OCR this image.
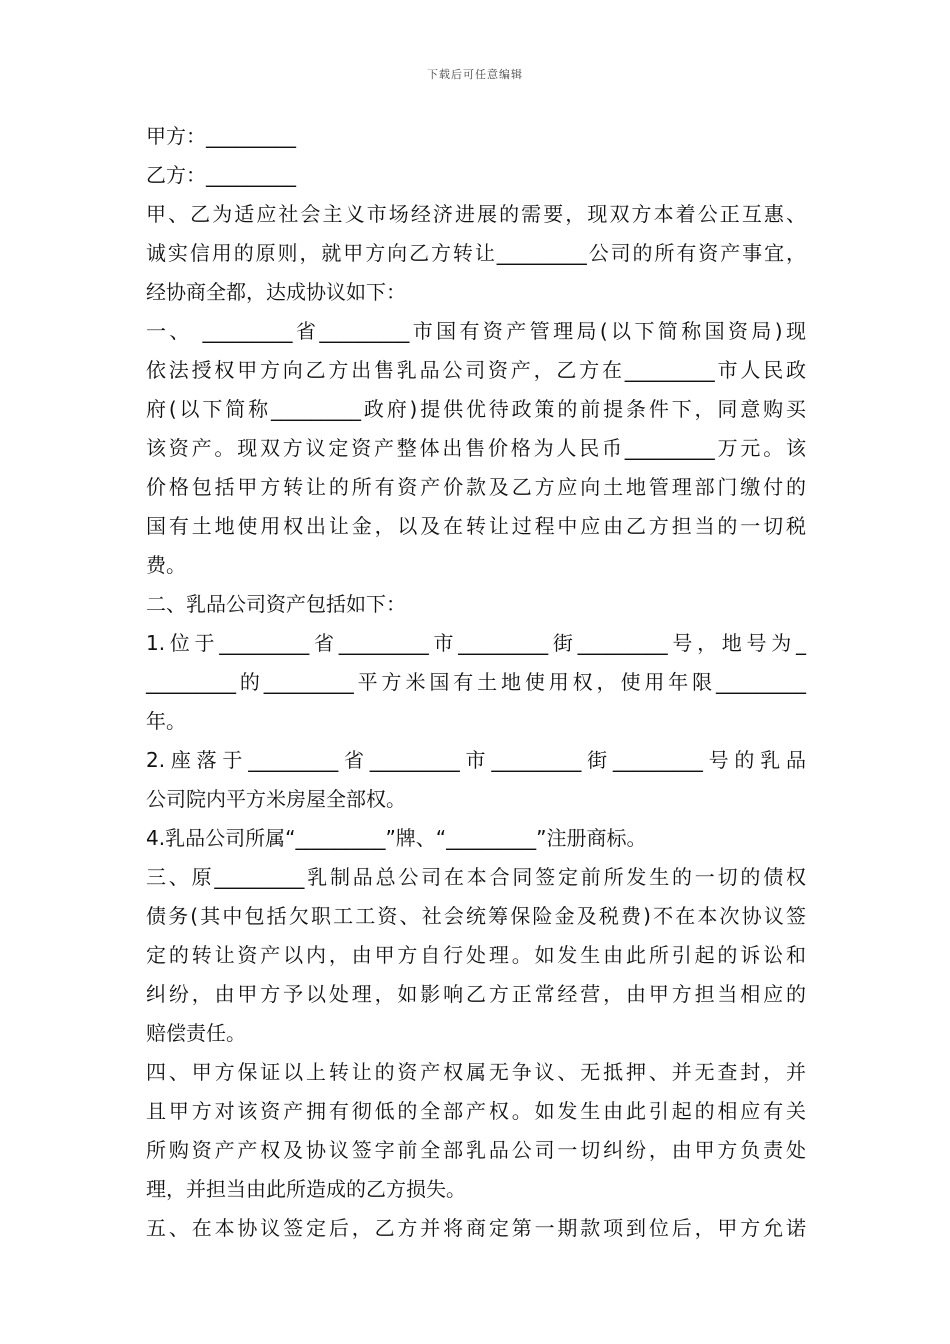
下载后可任意编辑
甲方：_________
乙方：_________
甲、乙为适应社会主义市场经济进展的需要，现双方本着公正互惠、
诚实信用的原则，就甲方向乙方转让_________公司的所有资产事宜，
经协商全都，达成协议如下：
一、 _________省_________市国有资产管理局(以下简称国资局)现
依法授权甲方向乙方出售乳品公司资产，乙方在_________市人民政
府(以下简称_________政府)提供优待政策的前提条件下，同意购买
该资产。现双方议定资产整体出售价格为人民币_________万元。该
价格包括甲方转让的所有资产价款及乙方应向土地管理部门缴付的
国有土地使用权出让金，以及在转让过程中应由乙方担当的一切税
费。
二、乳品公司资产包括如下：
1.位于_________省_________市_________街_________号，地号为_
_________的_________平方米国有土地使用权，使用年限_________
年。
2.座落于_________省_________市_________街_________号的乳品
公司院内平方米房屋全部权。
4.乳品公司所属“_________”牌、“_________”注册商标。
三、原_________乳制品总公司在本合同签定前所发生的一切的债权
债务(其中包括欠职工工资、社会统筹保险金及税费)不在本次协议签
定的转让资产以内，由甲方自行处理。如发生由此所引起的诉讼和
纠纷，由甲方予以处理，如影响乙方正常经营，由甲方担当相应的
赔偿责任。
四、甲方保证以上转让的资产权属无争议、无抵押、并无查封，并
且甲方对该资产拥有彻低的全部产权。如发生由此引起的相应有关
所购资产产权及协议签字前全部乳品公司一切纠纷，由甲方负责处
理，并担当由此所造成的乙方损失。
五、在本协议签定后，乙方并将商定第一期款项到位后，甲方允诺
